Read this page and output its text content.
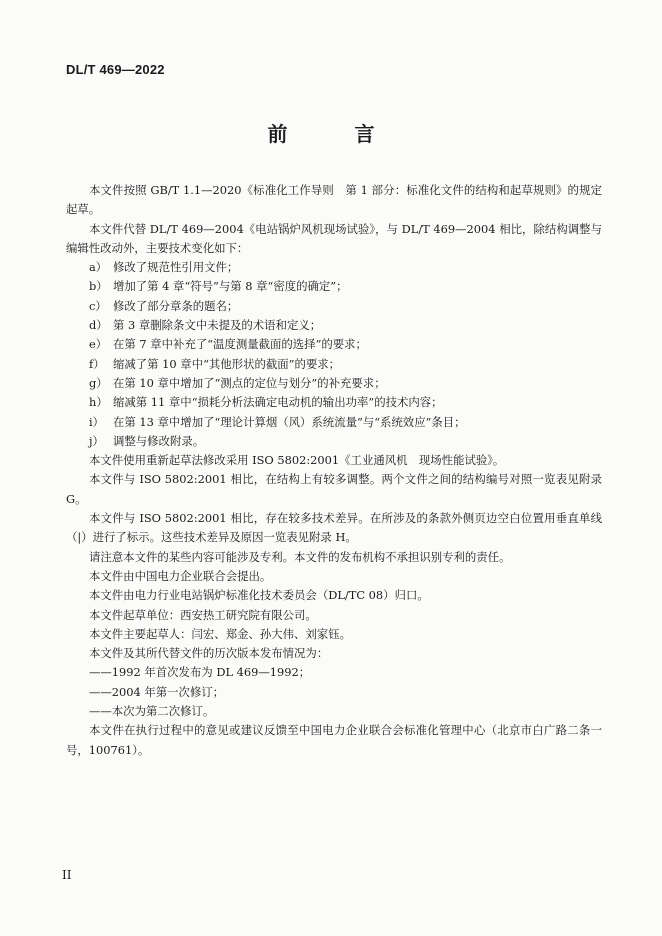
DL/T 469—2022
前 言

本文件按照 GB/T 1.1—2020《标准化工作导则　第 1 部分：标准化文件的结构和起草规则》的规定起草。

本文件代替 DL/T 469—2004《电站锅炉风机现场试验》，与 DL/T 469—2004 相比，除结构调整与编辑性改动外，主要技术变化如下：

a） 修改了规范性引用文件；

b） 增加了第 4 章“符号”与第 8 章“密度的确定”；

c） 修改了部分章条的题名；

d） 第 3 章删除条文中未提及的术语和定义；

e） 在第 7 章中补充了“温度测量截面的选择”的要求；

f） 缩减了第 10 章中“其他形状的截面”的要求；

g） 在第 10 章中增加了“测点的定位与划分”的补充要求；

h） 缩减第 11 章中“损耗分析法确定电动机的输出功率”的技术内容；

i） 在第 13 章中增加了“理论计算烟（风）系统流量”与“系统效应”条目；

j） 调整与修改附录。

本文件使用重新起草法修改采用 ISO 5802:2001《工业通风机　现场性能试验》。

本文件与 ISO 5802:2001 相比，在结构上有较多调整。两个文件之间的结构编号对照一览表见附录 G。

本文件与 ISO 5802:2001 相比，存在较多技术差异。在所涉及的条款外侧页边空白位置用垂直单线（|）进行了标示。这些技术差异及原因一览表见附录 H。

请注意本文件的某些内容可能涉及专利。本文件的发布机构不承担识别专利的责任。

本文件由中国电力企业联合会提出。

本文件由电力行业电站锅炉标准化技术委员会（DL/TC 08）归口。

本文件起草单位：西安热工研究院有限公司。

本文件主要起草人：闫宏、郑金、孙大伟、刘家钰。

本文件及其所代替文件的历次版本发布情况为：

——1992 年首次发布为 DL 469—1992；

——2004 年第一次修订；

——本次为第二次修订。

本文件在执行过程中的意见或建议反馈至中国电力企业联合会标准化管理中心（北京市白广路二条一号，100761）。

II
